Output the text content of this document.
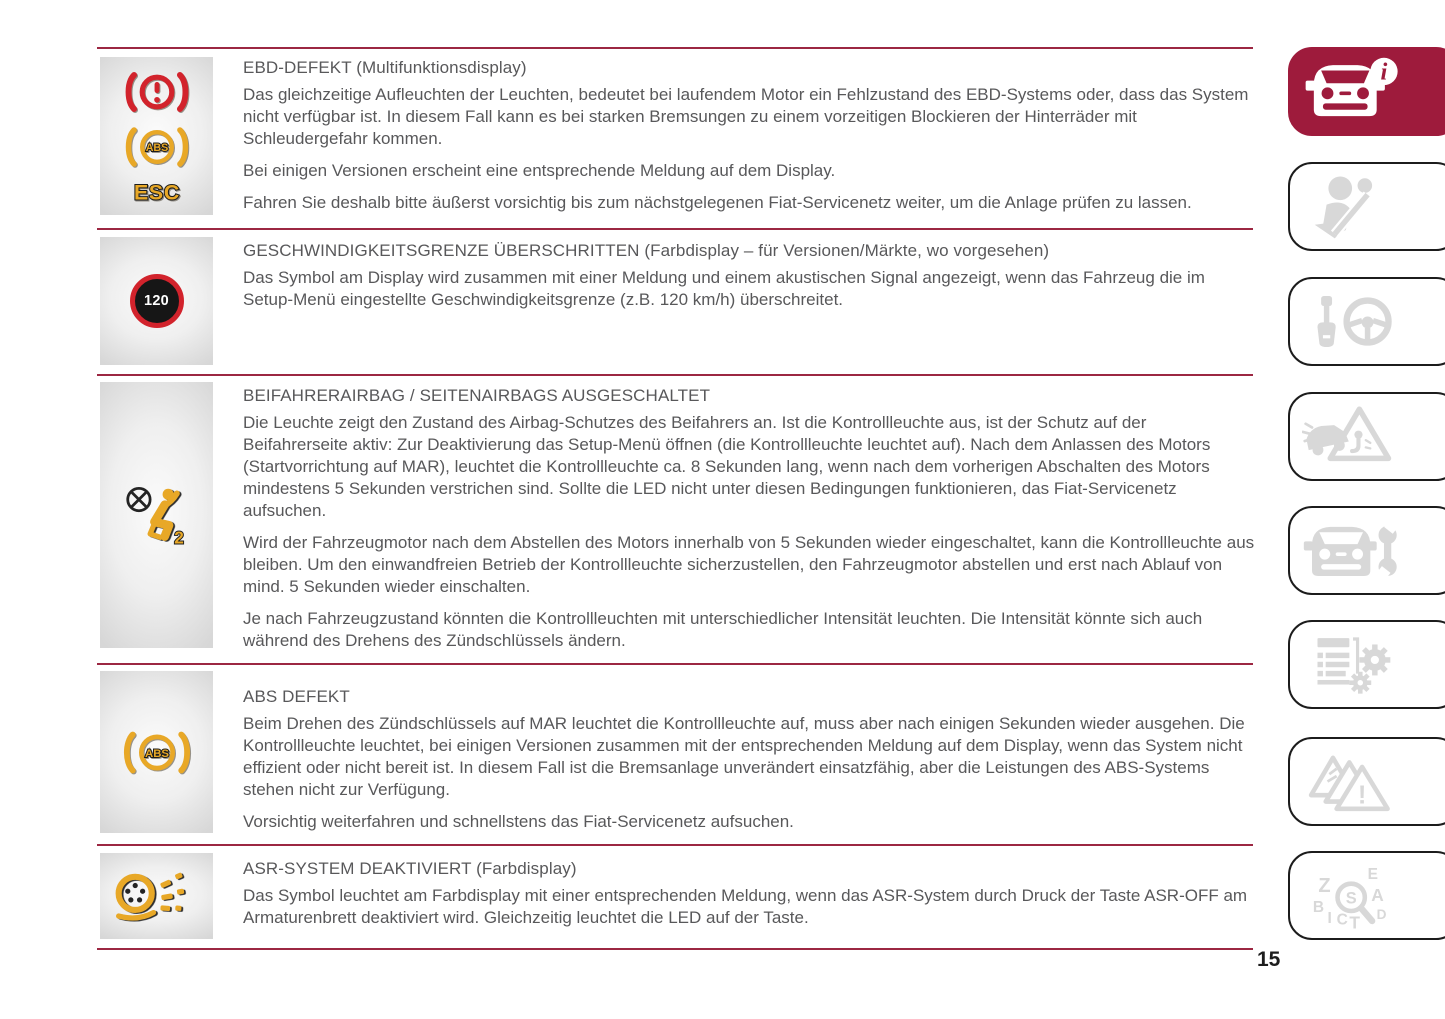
ABS
ESC
EBD-DEFEKT (Multifunktionsdisplay)

Das gleichzeitige Aufleuchten der Leuchten, bedeutet bei laufendem Motor ein Fehlzustand des EBD-Systems oder, dass das System nicht verfügbar ist. In diesem Fall kann es bei starken Bremsungen zu einem vorzeitigen Blockieren der Hinterräder mit Schleudergefahr kommen.

Bei einigen Versionen erscheint eine entsprechende Meldung auf dem Display.

Fahren Sie deshalb bitte äußerst vorsichtig bis zum nächstgelegenen Fiat-Servicenetz weiter, um die Anlage prüfen zu lassen.

120
GESCHWINDIGKEITSGRENZE ÜBERSCHRITTEN (Farbdisplay – für Versionen/Märkte, wo vorgesehen)

Das Symbol am Display wird zusammen mit einer Meldung und einem akustischen Signal angezeigt, wenn das Fahrzeug die im Setup-Menü eingestellte Geschwindigkeitsgrenze (z.B. 120 km/h) überschreitet.

2
BEIFAHRERAIRBAG / SEITENAIRBAGS AUSGESCHALTET

Die Leuchte zeigt den Zustand des Airbag-Schutzes des Beifahrers an. Ist die Kontrollleuchte aus, ist der Schutz auf der Beifahrerseite aktiv: Zur Deaktivierung das Setup-Menü öffnen (die Kontrollleuchte leuchtet auf). Nach dem Anlassen des Motors (Startvorrichtung auf MAR), leuchtet die Kontrollleuchte ca. 8 Sekunden lang, wenn nach dem vorherigen Abschalten des Motors mindestens 5 Sekunden verstrichen sind. Sollte die LED nicht unter diesen Bedingungen funktionieren, das Fiat-Servicenetz aufsuchen.

Wird der Fahrzeugmotor nach dem Abstellen des Motors innerhalb von 5 Sekunden wieder eingeschaltet, kann die Kontrollleuchte aus bleiben. Um den einwandfreien Betrieb der Kontrollleuchte sicherzustellen, den Fahrzeugmotor abstellen und erst nach Ablauf von mind. 5 Sekunden wieder einschalten.

Je nach Fahrzeugzustand könnten die Kontrollleuchten mit unterschiedlicher Intensität leuchten. Die Intensität könnte sich auch während des Drehens des Zündschlüssels ändern.

ABS
ABS DEFEKT

Beim Drehen des Zündschlüssels auf MAR leuchtet die Kontrollleuchte auf, muss aber nach einigen Sekunden wieder ausgehen. Die Kontrollleuchte leuchtet, bei einigen Versionen zusammen mit der entsprechenden Meldung auf dem Display, wenn das System nicht effizient oder nicht bereit ist. In diesem Fall ist die Bremsanlage unverändert einsatzfähig, aber die Leistungen des ABS-Systems stehen nicht zur Verfügung.

Vorsichtig weiterfahren und schnellstens das Fiat-Servicenetz aufsuchen.

ASR-SYSTEM DEAKTIVIERT (Farbdisplay)

Das Symbol leuchtet am Farbdisplay mit einer entsprechenden Meldung, wenn das ASR-System durch Druck der Taste ASR-OFF am Armaturenbrett deaktiviert wird. Gleichzeitig leuchtet die LED auf der Taste.

i
!
Z
E
B
A
I C T D
S
15
